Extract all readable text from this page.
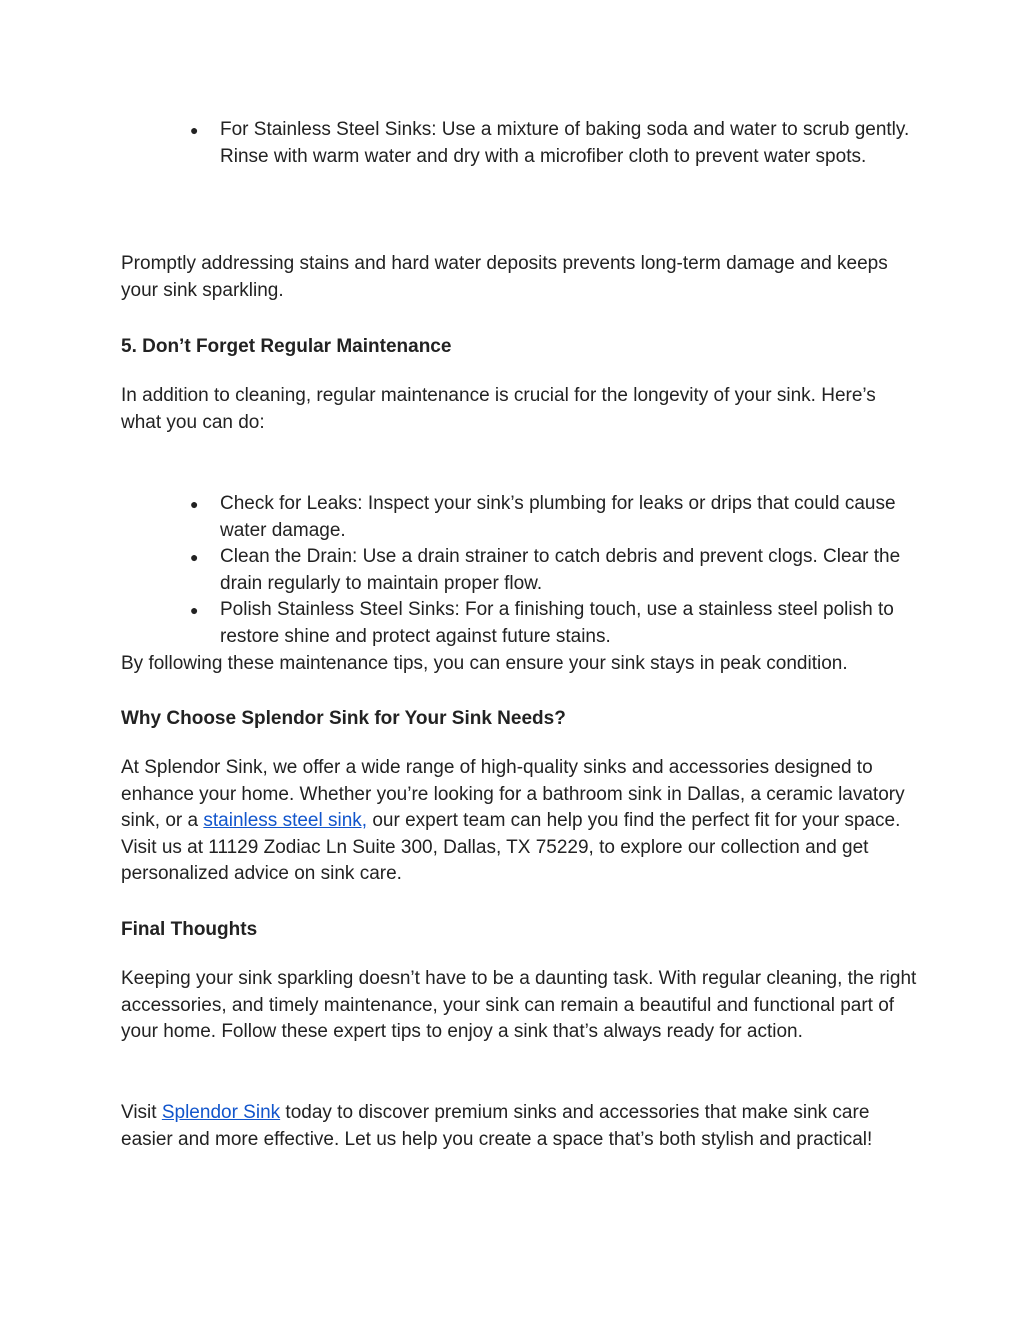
● For Stainless Steel Sinks: Use a mixture of baking soda and water to scrub gently. Rinse with warm water and dry with a microfiber cloth to prevent water spots.

Promptly addressing stains and hard water deposits prevents long-term damage and keeps your sink sparkling.

5. Don’t Forget Regular Maintenance

In addition to cleaning, regular maintenance is crucial for the longevity of your sink. Here’s what you can do:

● Check for Leaks: Inspect your sink’s plumbing for leaks or drips that could cause water damage.
● Clean the Drain: Use a drain strainer to catch debris and prevent clogs. Clear the drain regularly to maintain proper flow.
● Polish Stainless Steel Sinks: For a finishing touch, use a stainless steel polish to restore shine and protect against future stains.

By following these maintenance tips, you can ensure your sink stays in peak condition.

Why Choose Splendor Sink for Your Sink Needs?

At Splendor Sink, we offer a wide range of high-quality sinks and accessories designed to enhance your home. Whether you’re looking for a bathroom sink in Dallas, a ceramic lavatory sink, or a stainless steel sink, our expert team can help you find the perfect fit for your space. Visit us at 11129 Zodiac Ln Suite 300, Dallas, TX 75229, to explore our collection and get personalized advice on sink care.

Final Thoughts

Keeping your sink sparkling doesn’t have to be a daunting task. With regular cleaning, the right accessories, and timely maintenance, your sink can remain a beautiful and functional part of your home. Follow these expert tips to enjoy a sink that’s always ready for action.

Visit Splendor Sink today to discover premium sinks and accessories that make sink care easier and more effective. Let us help you create a space that’s both stylish and practical!
